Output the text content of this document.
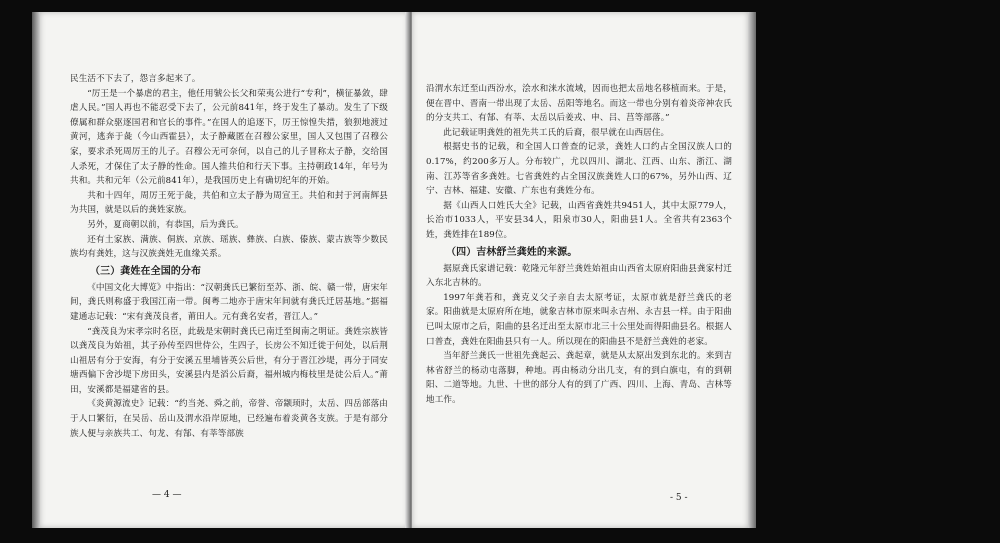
民生活不下去了，怨言多起来了。

“厉王是一个暴虐的君主，他任用虢公长父和荣夷公进行“专利”，横征暴敛，肆虐人民。”国人再也不能忍受下去了，公元前841年，终于发生了暴动。发生了下级僚属和群众驱逐国君和官长的事件。”在国人的追逐下，厉王惊惶失措，狼狈地渡过黄河，逃奔于彘（今山西霍县），太子静藏匿在召穆公家里，国人又包围了召穆公家，要求杀死周厉王的儿子。召穆公无可奈何，以自己的儿子冒称太子静，交给国人杀死，才保住了太子静的性命。国人推共伯和行天下事。主持朝政14年，年号为共和。共和元年（公元前841年），是我国历史上有确切纪年的开始。

共和十四年，周厉王死于彘，共伯和立太子静为周宣王。共伯和封于河南辉县为共国，就是以后的龚姓家族。

另外，夏商朝以前，有恭国，后为龚氏。

还有土家族、满族、侗族、京族、瑶族、彝族、白族、傣族、蒙古族等少数民族均有龚姓，这与汉族龚姓无血缘关系。

（三）龚姓在全国的分布

《中国文化大博览》中指出：“汉朝龚氏已繁衍至苏、浙、皖、赣一带，唐宋年间，龚氏则称盛于我国江南一带。闽粤二地亦于唐宋年间就有龚氏迁居基地。”据福建通志记载：“宋有龚茂良者，莆田人。元有龚名安者，晋江人。”

“龚茂良为宋孝宗时名臣，此载是宋朝时龚氏已南迁至闽南之明证。龚姓宗族皆以龚茂良为始祖，其子孙传至四世侍公，生四子，长房公不知迁徙于何处，以后荆山祖居有分于安海，有分于安溪五里埔皆英公后世，有分于晋江沙堤，再分于同安塘西偏下舍沙堤下房田头，安溪县内是滔公后裔，福州城内梅枝里是徒公后人。”莆田，安溪都是福建省的县。

《炎黄源流史》记载：“约当尧、舜之前，帝誉、帝颛顼时，太岳、四岳部落由于人口繁衍，在吴岳、岳山及渭水沿岸原地，已经遍布着炎黄各支族。于是有部分族人便与亲族共工、句龙、有郜、有莘等部族

— 4 —

沿渭水东迁至山西汾水，浍水和涞水流域，因而也把太岳地名移植而来。于是，便在晋中、晋南一带出现了太岳、岳阳等地名。而这一带也分别有着炎帝神农氏的分支共工、有郜、有莘、太岳以后姜戎、申、吕、莒等部落。”

此记载证明龚姓的祖先共工氏的后裔，很早就在山西居住。

根据史书的记载，和全国人口普查的记录，龚姓人口约占全国汉族人口的0.17%，约200多万人。分布较广，尤以四川、湖北、江西、山东、浙江、湖南、江苏等省多龚姓。七省龚姓约占全国汉族龚姓人口的67%，另外山西、辽宁、吉林、福建、安徽、广东也有龚姓分布。

据《山西人口姓氏大全》记载，山西省龚姓共9451人，其中太原779人，长治市1033人，平安县34人，阳泉市30人，阳曲县1人。全省共有2363个姓，龚姓排在189位。

（四）吉林舒兰龚姓的来源。

据原龚氏家谱记载：乾隆元年舒兰龚姓始祖由山西省太原府阳曲县龚家村迁入东北吉林的。

1997年龚若和，龚克义父子亲自去太原考证，太原市就是舒兰龚氏的老家。阳曲就是太原府所在地，就象吉林市原来叫永吉州、永吉县一样。由于阳曲已叫太原市之后，阳曲的县名迁出至太原市北三十公里处而得阳曲县名。根据人口普查，龚姓在阳曲县只有一人。所以现在的阳曲县不是舒兰龚姓的老家。

当年舒兰龚氏一世祖先龚起云、龚起章，就是从太原出发到东北的。来到吉林省舒兰的杨动屯落脚，种地。再由杨动分出几支，有的到白旗屯，有的到朝阳、二道等地。九世、十世的部分人有的到了广西、四川、上海、青岛、吉林等地工作。

- 5 -
